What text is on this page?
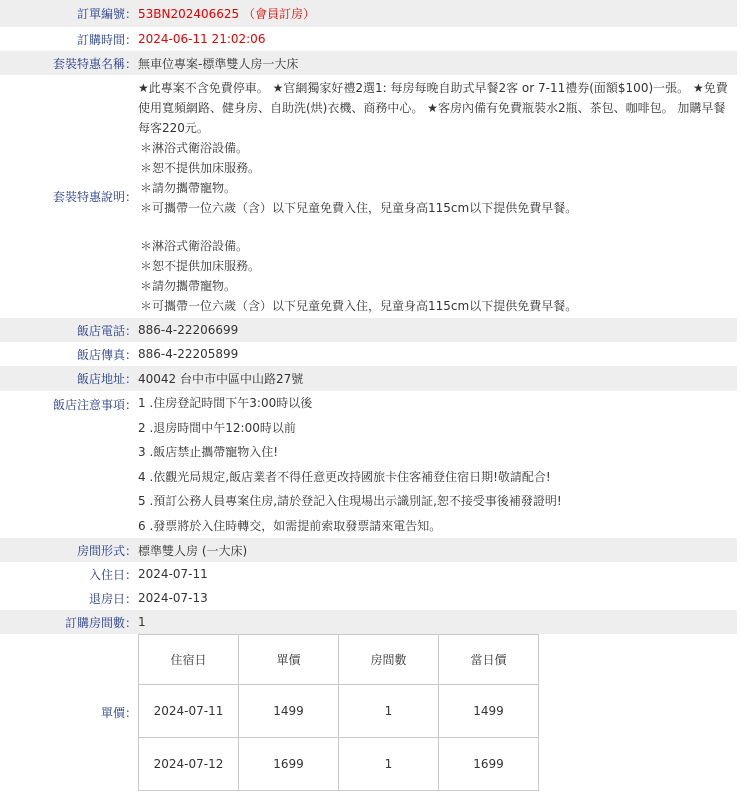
訂單編號：	53BN202406625 （會員訂房）
訂購時間：	2024-06-11 21:02:06
套裝特惠名稱：	無車位專案-標準雙人房一大床
套裝特惠說明：	
★此專案不含免費停車。 ★官網獨家好禮2選1: 每房每晚自助式早餐2客 or 7-11禮券(面額$100)一張。 ★免費使用寬頻網路、健身房、自助洗(烘)衣機、商務中心。 ★客房內備有免費瓶裝水2瓶、茶包、咖啡包。 加購早餐每客220元。
＊淋浴式衛浴設備。
＊恕不提供加床服務。
＊請勿攜帶寵物。
＊可攜帶一位六歲（含）以下兒童免費入住，兒童身高115cm以下提供免費早餐。
＊淋浴式衛浴設備。
＊恕不提供加床服務。
＊請勿攜帶寵物。
＊可攜帶一位六歲（含）以下兒童免費入住，兒童身高115cm以下提供免費早餐。

飯店電話：	886-4-22206699
飯店傳真：	886-4-22205899
飯店地址：	40042 台中市中區中山路27號
飯店注意事項：	1 .住房登記時間下午3:00時以後
2 .退房時間中午12:00時以前
3 .飯店禁止攜帶寵物入住!
4 .依觀光局規定,飯店業者不得任意更改持國旅卡住客補登住宿日期!敬請配合!
5 .預訂公務人員專案住房,請於登記入住現場出示識別証,恕不接受事後補發證明!
6 .發票將於入住時轉交，如需提前索取發票請來電告知。

房間形式：	標準雙人房 (一大床)
入住日：	2024-07-11
退房日：	2024-07-13
訂購房間數：	1
單價：	
住宿日	單價	房間數	當日價
2024-07-11	1499	1	1499
2024-07-12	1699	1	1699
